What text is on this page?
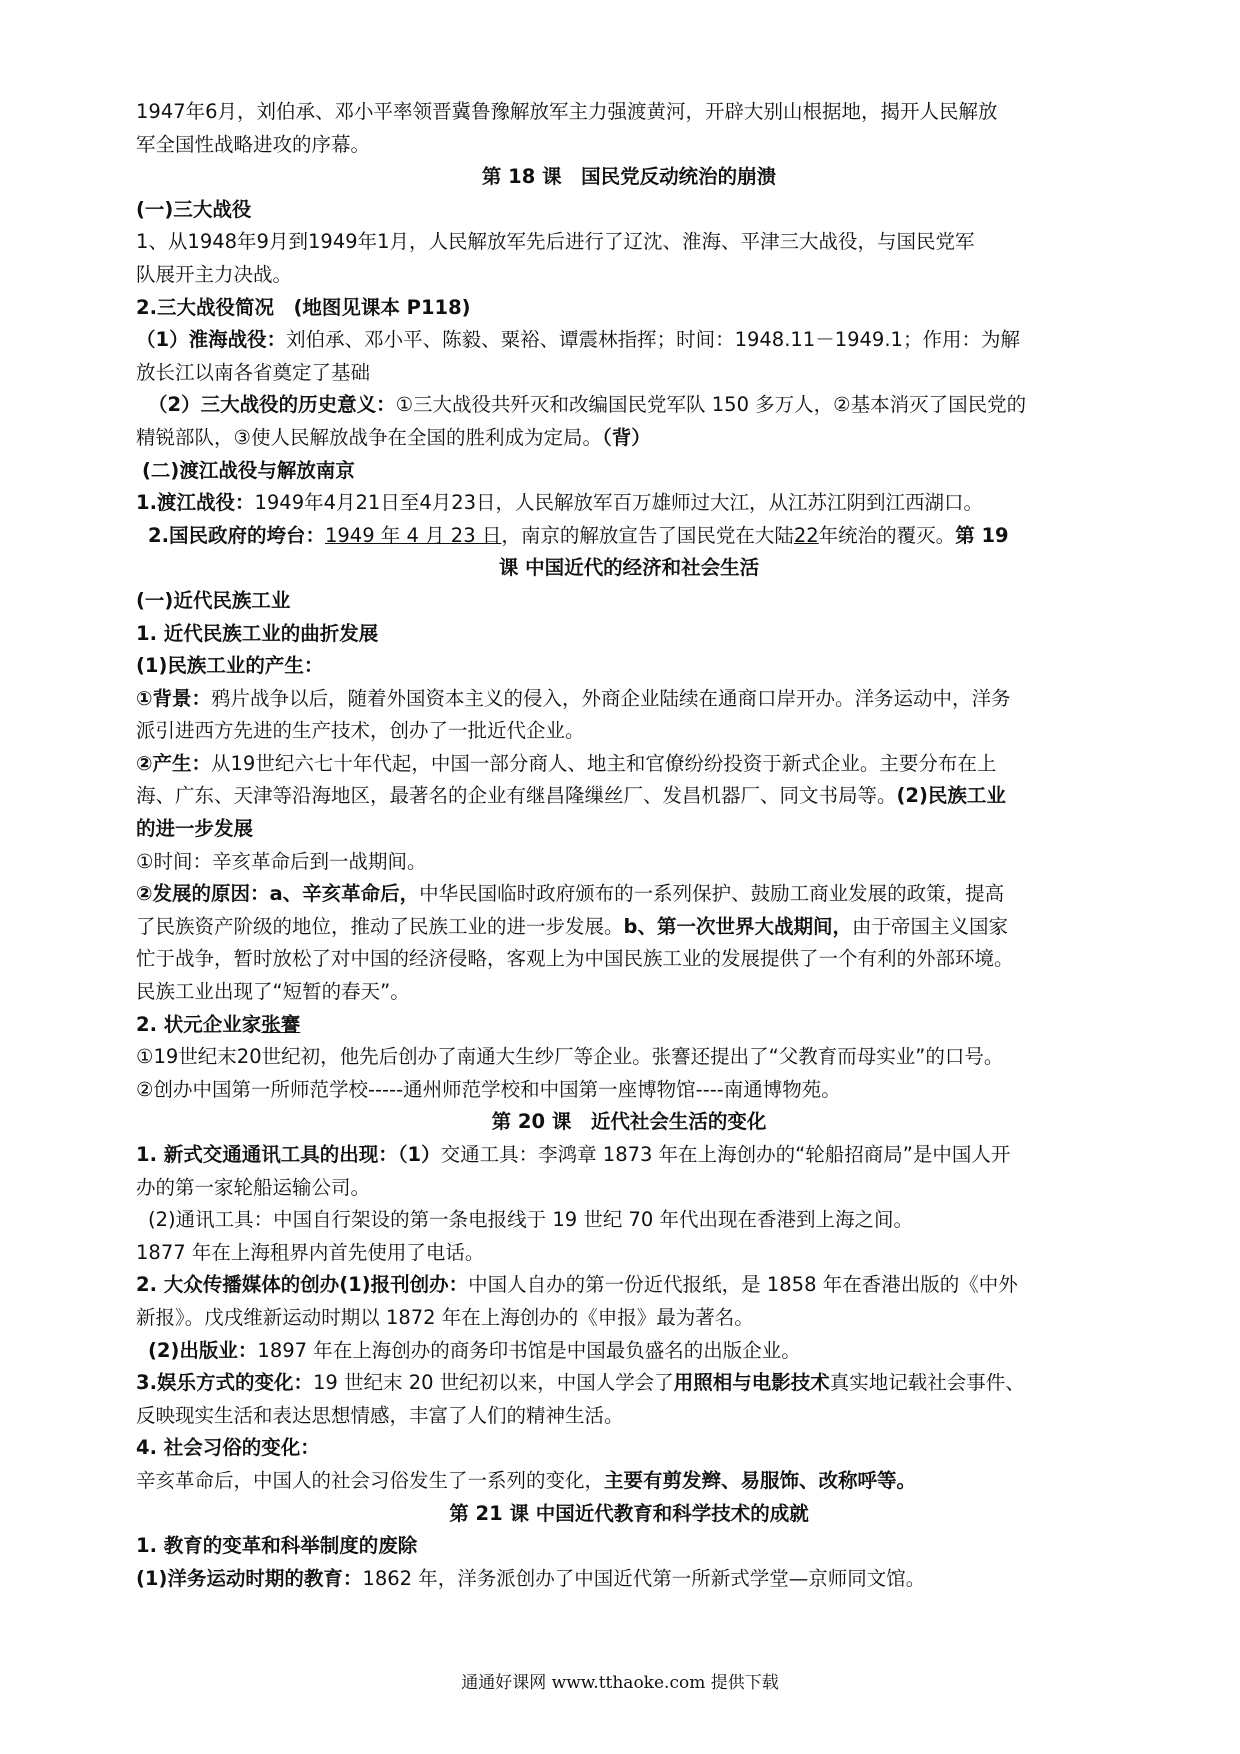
1947年6月，刘伯承、邓小平率领晋冀鲁豫解放军主力强渡黄河，开辟大别山根据地，揭开人民解放
军全国性战略进攻的序幕。
第 18 课　国民党反动统治的崩溃
(一)三大战役
1、从1948年9月到1949年1月，人民解放军先后进行了辽沈、淮海、平津三大战役，与国民党军
队展开主力决战。
2.三大战役简况　(地图见课本 P118)
（1）淮海战役：刘伯承、邓小平、陈毅、粟裕、谭震林指挥；时间：1948.11－1949.1；作用：为解
放长江以南各省奠定了基础
（2）三大战役的历史意义：①三大战役共歼灭和改编国民党军队 150 多万人，②基本消灭了国民党的
精锐部队，③使人民解放战争在全国的胜利成为定局。（背）
(二)渡江战役与解放南京
1.渡江战役：1949年4月21日至4月23日，人民解放军百万雄师过大江，从江苏江阴到江西湖口。
2.国民政府的垮台：1949 年 4 月 23 日，南京的解放宣告了国民党在大陆22年统治的覆灭。第 19
课 中国近代的经济和社会生活
(一)近代民族工业
1. 近代民族工业的曲折发展
(1)民族工业的产生：
①背景：鸦片战争以后，随着外国资本主义的侵入，外商企业陆续在通商口岸开办。洋务运动中，洋务
派引进西方先进的生产技术，创办了一批近代企业。
②产生：从19世纪六七十年代起，中国一部分商人、地主和官僚纷纷投资于新式企业。主要分布在上
海、广东、天津等沿海地区，最著名的企业有继昌隆缫丝厂、发昌机器厂、同文书局等。(2)民族工业
的进一步发展
①时间：辛亥革命后到一战期间。
②发展的原因：a、辛亥革命后，中华民国临时政府颁布的一系列保护、鼓励工商业发展的政策，提高
了民族资产阶级的地位，推动了民族工业的进一步发展。b、第一次世界大战期间，由于帝国主义国家
忙于战争，暂时放松了对中国的经济侵略，客观上为中国民族工业的发展提供了一个有利的外部环境。
民族工业出现了“短暂的春天”。
2. 状元企业家张謇
①19世纪末20世纪初，他先后创办了南通大生纱厂等企业。张謇还提出了“父教育而母实业”的口号。
②创办中国第一所师范学校-----通州师范学校和中国第一座博物馆----南通博物苑。
第 20 课　近代社会生活的变化
1. 新式交通通讯工具的出现：（1）交通工具：李鸿章 1873 年在上海创办的“轮船招商局”是中国人开
办的第一家轮船运输公司。
(2)通讯工具：中国自行架设的第一条电报线于 19 世纪 70 年代出现在香港到上海之间。
1877 年在上海租界内首先使用了电话。
2. 大众传播媒体的创办(1)报刊创办：中国人自办的第一份近代报纸，是 1858 年在香港出版的《中外
新报》。戊戌维新运动时期以 1872 年在上海创办的《申报》最为著名。
(2)出版业：1897 年在上海创办的商务印书馆是中国最负盛名的出版企业。
3.娱乐方式的变化：19 世纪末 20 世纪初以来，中国人学会了用照相与电影技术真实地记载社会事件、
反映现实生活和表达思想情感，丰富了人们的精神生活。
4. 社会习俗的变化：
辛亥革命后，中国人的社会习俗发生了一系列的变化，主要有剪发辫、易服饰、改称呼等。
第 21 课 中国近代教育和科学技术的成就
1. 教育的变革和科举制度的废除
(1)洋务运动时期的教育：1862 年，洋务派创办了中国近代第一所新式学堂—京师同文馆。
通通好课网 www.tthaoke.com 提供下载
